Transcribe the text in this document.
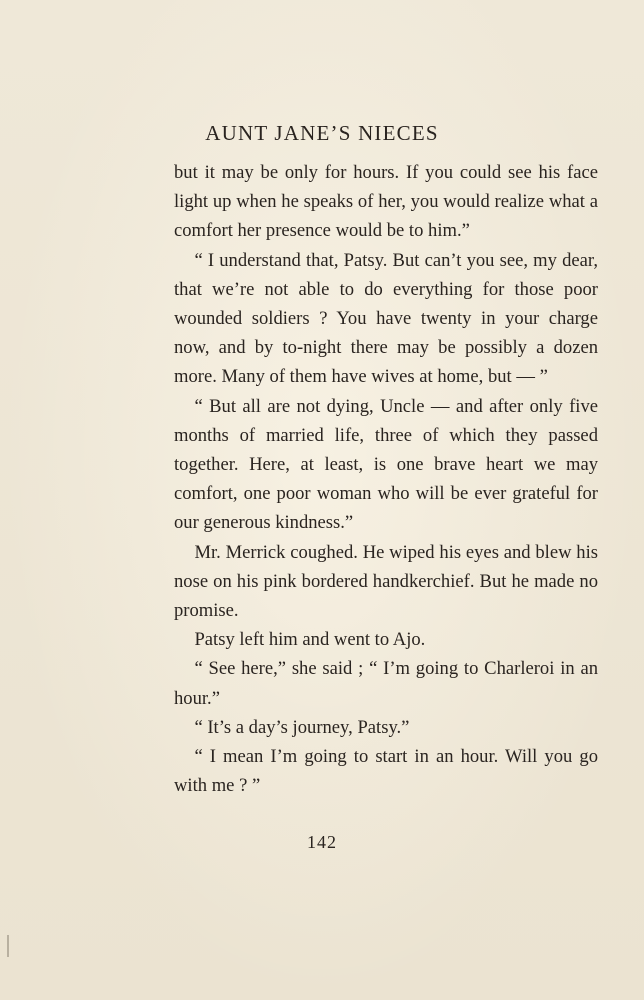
AUNT JANE’S NIECES

but it may be only for hours. If you could see his face light up when he speaks of her, you would realize what a comfort her presence would be to him.”

“ I understand that, Patsy. But can’t you see, my dear, that we’re not able to do everything for those poor wounded soldiers ? You have twenty in your charge now, and by to-night there may be possibly a dozen more. Many of them have wives at home, but — ”

“ But all are not dying, Uncle — and after only five months of married life, three of which they passed together. Here, at least, is one brave heart we may comfort, one poor woman who will be ever grateful for our generous kindness.”

Mr. Merrick coughed. He wiped his eyes and blew his nose on his pink bordered handkerchief. But he made no promise.

Patsy left him and went to Ajo.

“ See here,” she said ; “ I’m going to Charleroi in an hour.”

“ It’s a day’s journey, Patsy.”

“ I mean I’m going to start in an hour. Will you go with me ? ”

142
